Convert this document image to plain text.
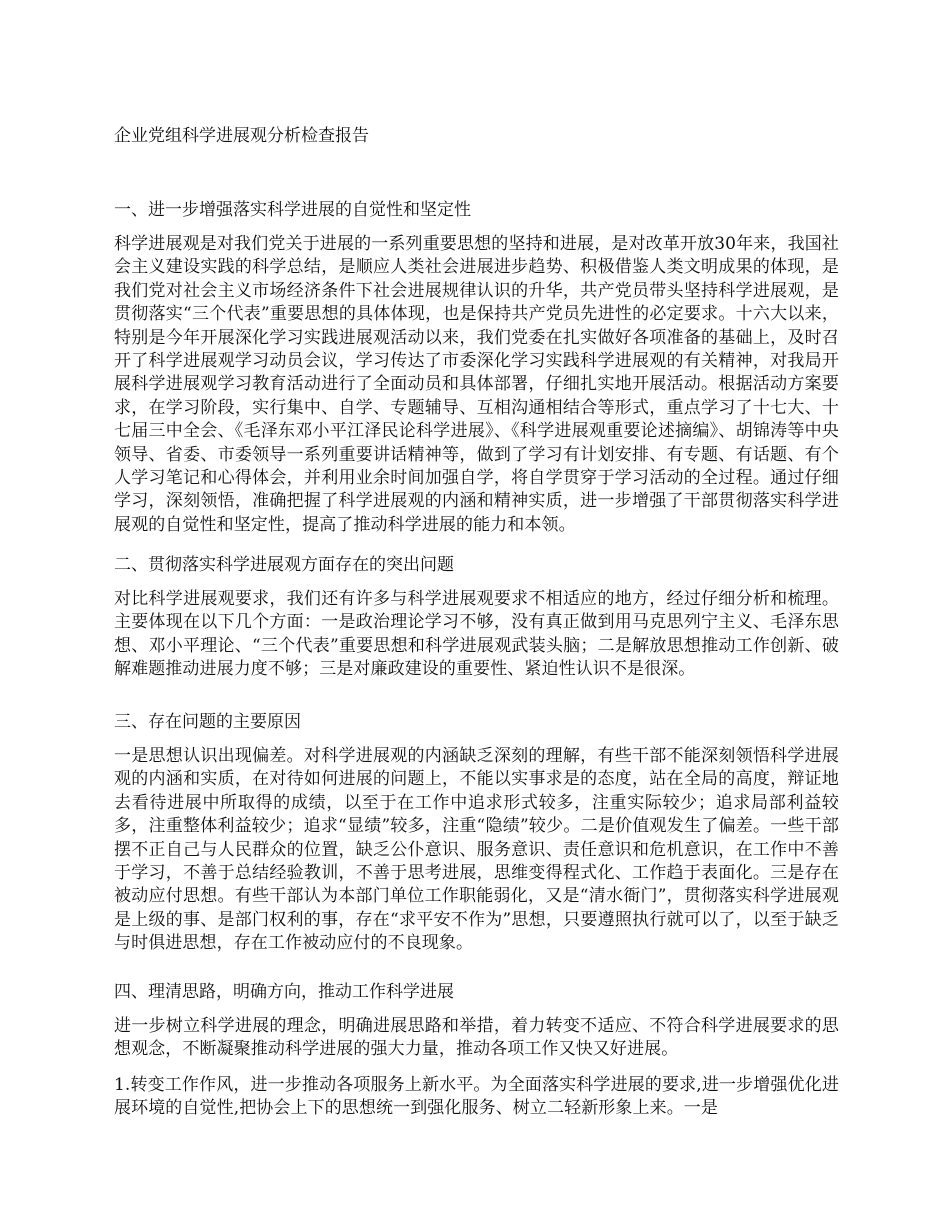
企业党组科学进展观分析检查报告
一、进一步增强落实科学进展的自觉性和坚定性

科学进展观是对我们党关于进展的一系列重要思想的坚持和进展，是对改革开放30年来，我国社会主义建设实践的科学总结，是顺应人类社会进展进步趋势、积极借鉴人类文明成果的体现，是我们党对社会主义市场经济条件下社会进展规律认识的升华，共产党员带头坚持科学进展观，是贯彻落实“三个代表”重要思想的具体体现，也是保持共产党员先进性的必定要求。十六大以来，特别是今年开展深化学习实践进展观活动以来，我们党委在扎实做好各项准备的基础上，及时召开了科学进展观学习动员会议，学习传达了市委深化学习实践科学进展观的有关精神，对我局开展科学进展观学习教育活动进行了全面动员和具体部署，仔细扎实地开展活动。根据活动方案要求，在学习阶段，实行集中、自学、专题辅导、互相沟通相结合等形式，重点学习了十七大、十七届三中全会、《毛泽东邓小平江泽民论科学进展》、《科学进展观重要论述摘编》、胡锦涛等中央领导、省委、市委领导一系列重要讲话精神等，做到了学习有计划安排、有专题、有话题、有个人学习笔记和心得体会，并利用业余时间加强自学，将自学贯穿于学习活动的全过程。通过仔细学习，深刻领悟，准确把握了科学进展观的内涵和精神实质，进一步增强了干部贯彻落实科学进展观的自觉性和坚定性，提高了推动科学进展的能力和本领。

二、贯彻落实科学进展观方面存在的突出问题

对比科学进展观要求，我们还有许多与科学进展观要求不相适应的地方，经过仔细分析和梳理。主要体现在以下几个方面：一是政治理论学习不够，没有真正做到用马克思列宁主义、毛泽东思想、邓小平理论、“三个代表”重要思想和科学进展观武装头脑；二是解放思想推动工作创新、破解难题推动进展力度不够；三是对廉政建设的重要性、紧迫性认识不是很深。

三、存在问题的主要原因

一是思想认识出现偏差。对科学进展观的内涵缺乏深刻的理解，有些干部不能深刻领悟科学进展观的内涵和实质，在对待如何进展的问题上，不能以实事求是的态度，站在全局的高度，辩证地去看待进展中所取得的成绩，以至于在工作中追求形式较多，注重实际较少；追求局部利益较多，注重整体利益较少；追求“显绩”较多，注重“隐绩”较少。二是价值观发生了偏差。一些干部摆不正自己与人民群众的位置，缺乏公仆意识、服务意识、责任意识和危机意识，在工作中不善于学习，不善于总结经验教训，不善于思考进展，思维变得程式化、工作趋于表面化。三是存在被动应付思想。有些干部认为本部门单位工作职能弱化，又是“清水衙门”，贯彻落实科学进展观是上级的事、是部门权利的事，存在“求平安不作为”思想，只要遵照执行就可以了，以至于缺乏与时俱进思想，存在工作被动应付的不良现象。

四、理清思路，明确方向，推动工作科学进展

进一步树立科学进展的理念，明确进展思路和举措，着力转变不适应、不符合科学进展要求的思想观念，不断凝聚推动科学进展的强大力量，推动各项工作又快又好进展。

1.转变工作作风，进一步推动各项服务上新水平。为全面落实科学进展的要求,进一步增强优化进展环境的自觉性,把协会上下的思想统一到强化服务、树立二轻新形象上来。一是
